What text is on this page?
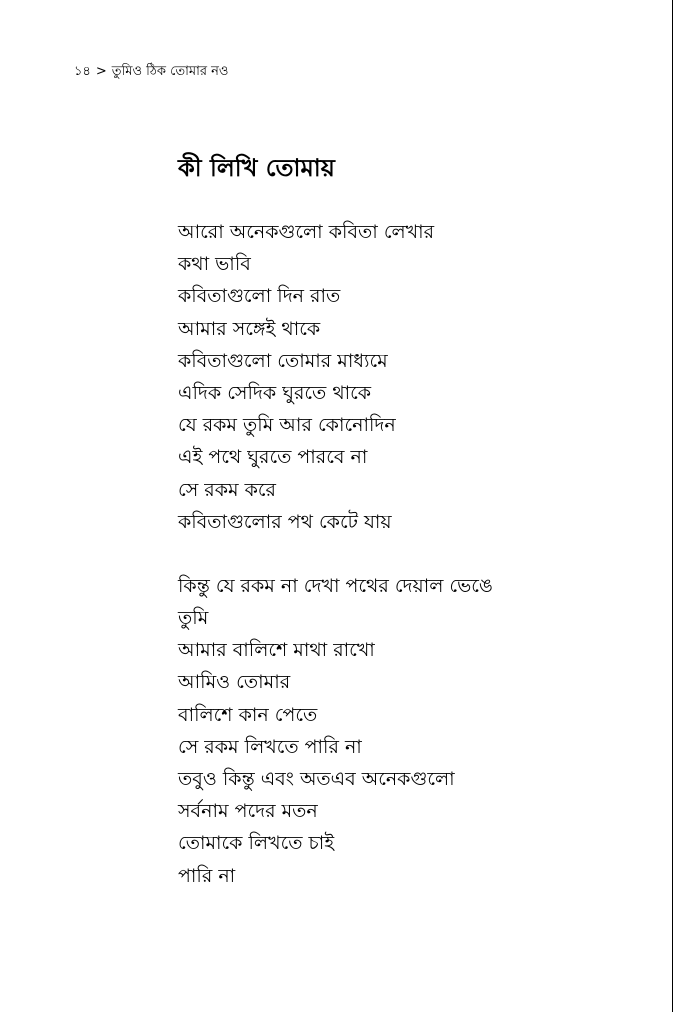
১৪ > তুমিও ঠিক তোমার নও
কী লিখি তোমায়
আরো অনেকগুলো কবিতা লেখার
কথা ভাবি
কবিতাগুলো দিন রাত
আমার সঙ্গেই থাকে
কবিতাগুলো তোমার মাধ্যমে
এদিক সেদিক ঘুরতে থাকে
যে রকম তুমি আর কোনোদিন
এই পথে ঘুরতে পারবে না
সে রকম করে
কবিতাগুলোর পথ কেটে যায়
কিন্তু যে রকম না দেখা পথের দেয়াল ভেঙে
তুমি
আমার বালিশে মাথা রাখো
আমিও তোমার
বালিশে কান পেতে
সে রকম লিখতে পারি না
তবুও কিন্তু এবং অতএব অনেকগুলো
সর্বনাম পদের মতন
তোমাকে লিখতে চাই
পারি না
